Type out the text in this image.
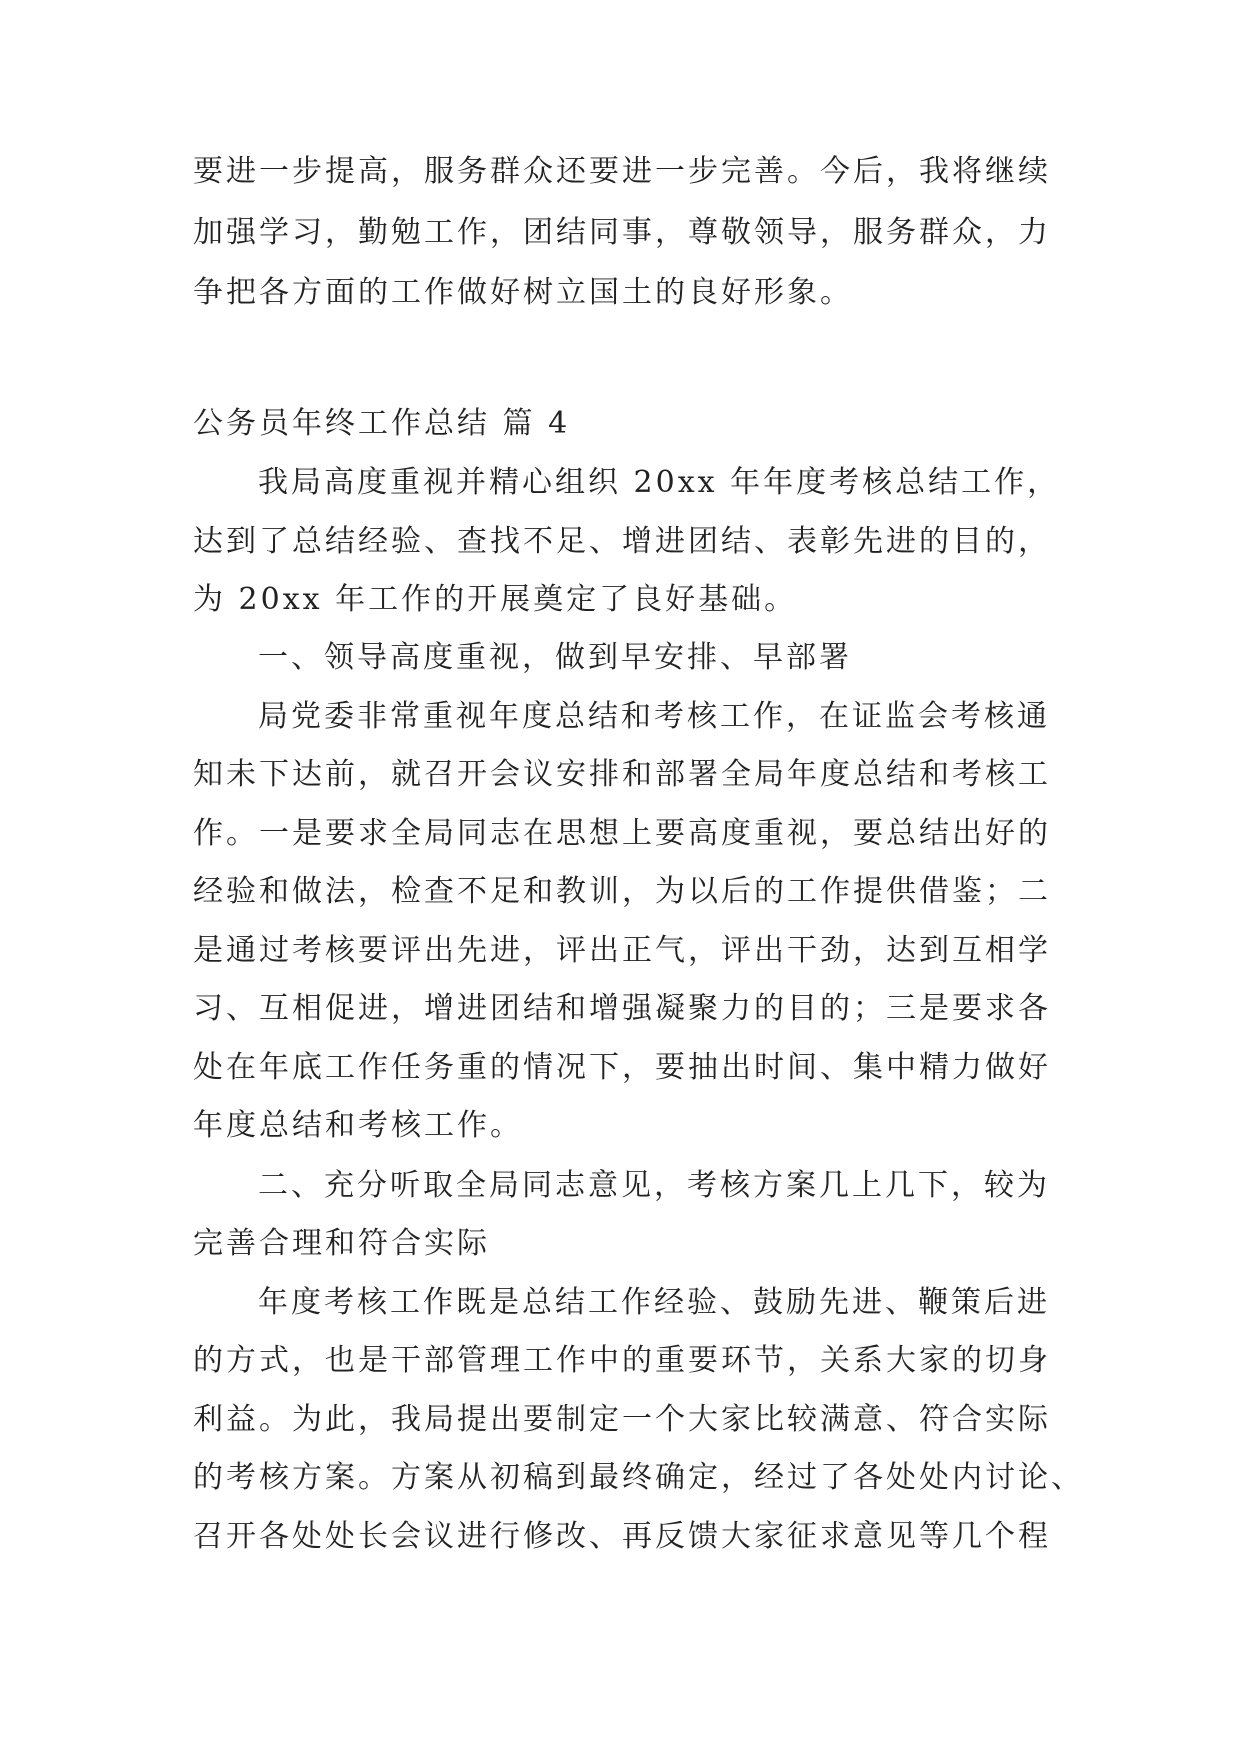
要进一步提高，服务群众还要进一步完善。今后，我将继续
加强学习，勤勉工作，团结同事，尊敬领导，服务群众，力
争把各方面的工作做好树立国土的良好形象。
公务员年终工作总结 篇 4
我局高度重视并精心组织 20xx 年年度考核总结工作，
达到了总结经验、查找不足、增进团结、表彰先进的目的，
为 20xx 年工作的开展奠定了良好基础。
一、领导高度重视，做到早安排、早部署
局党委非常重视年度总结和考核工作，在证监会考核通
知未下达前，就召开会议安排和部署全局年度总结和考核工
作。一是要求全局同志在思想上要高度重视，要总结出好的
经验和做法，检查不足和教训，为以后的工作提供借鉴；二
是通过考核要评出先进，评出正气，评出干劲，达到互相学
习、互相促进，增进团结和增强凝聚力的目的；三是要求各
处在年底工作任务重的情况下，要抽出时间、集中精力做好
年度总结和考核工作。
二、充分听取全局同志意见，考核方案几上几下，较为
完善合理和符合实际
年度考核工作既是总结工作经验、鼓励先进、鞭策后进
的方式，也是干部管理工作中的重要环节，关系大家的切身
利益。为此，我局提出要制定一个大家比较满意、符合实际
的考核方案。方案从初稿到最终确定，经过了各处处内讨论、
召开各处处长会议进行修改、再反馈大家征求意见等几个程
